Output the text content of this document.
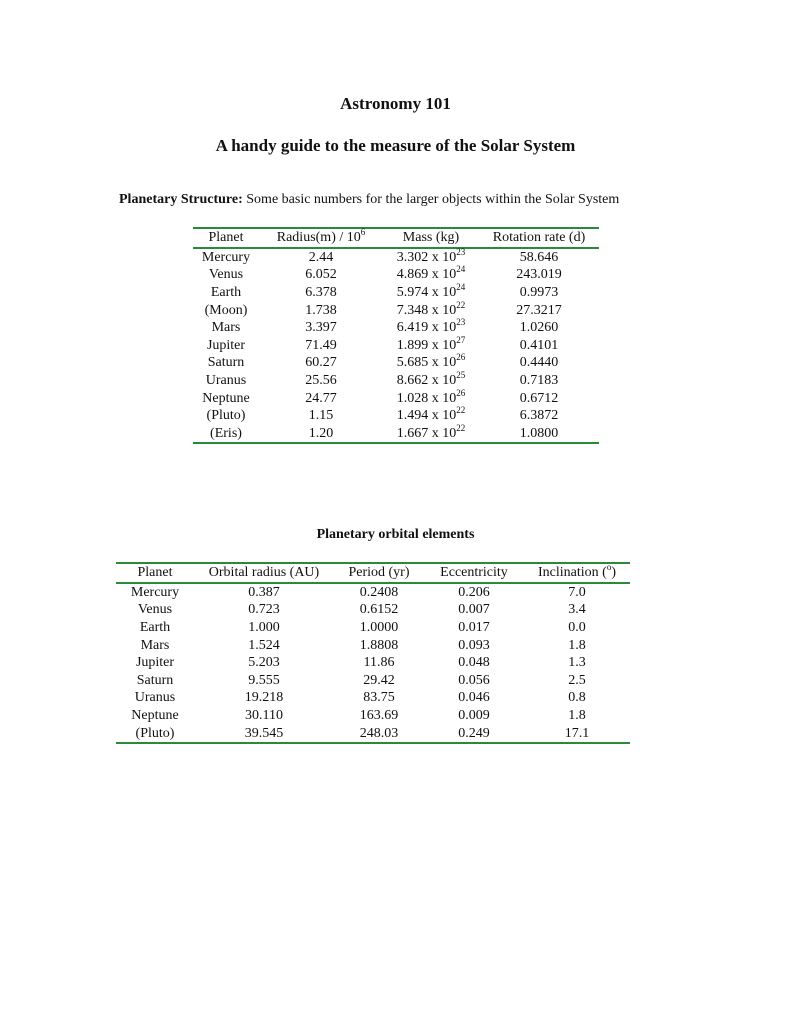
Astronomy 101
A handy guide to the measure of the Solar System
Planetary Structure: Some basic numbers for the larger objects within the Solar System
Planet	Radius(m) / $10^6$	Mass (kg)	Rotation rate (d)
Mercury	2.44	3.302 x $10^{23}$	58.646
Venus	6.052	4.869 x $10^{24}$	243.019
Earth	6.378	5.974 x $10^{24}$	0.9973
(Moon)	1.738	7.348 x $10^{22}$	27.3217
Mars	3.397	6.419 x $10^{23}$	1.0260
Jupiter	71.49	1.899 x $10^{27}$	0.4101
Saturn	60.27	5.685 x $10^{26}$	0.4440
Uranus	25.56	8.662 x $10^{25}$	0.7183
Neptune	24.77	1.028 x $10^{26}$	0.6712
(Pluto)	1.15	1.494 x $10^{22}$	6.3872
(Eris)	1.20	1.667 x $10^{22}$	1.0800
Planetary orbital elements
Planet	Orbital radius (AU)	Period (yr)	Eccentricity	Inclination ($^o$)
Mercury	0.387	0.2408	0.206	7.0
Venus	0.723	0.6152	0.007	3.4
Earth	1.000	1.0000	0.017	0.0
Mars	1.524	1.8808	0.093	1.8
Jupiter	5.203	11.86	0.048	1.3
Saturn	9.555	29.42	0.056	2.5
Uranus	19.218	83.75	0.046	0.8
Neptune	30.110	163.69	0.009	1.8
(Pluto)	39.545	248.03	0.249	17.1
